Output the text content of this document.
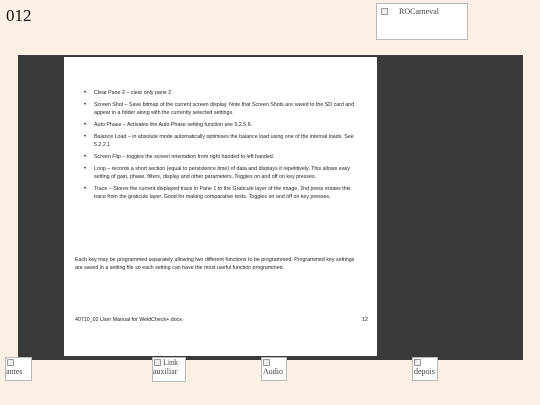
012	ROCarneval
• Clear Pane 2 – clear only pane 2
• Screen Shot – Save bitmap of the current screen display. Note that Screen Shots are saved to the SD card and appear in a folder along with the currently selected settings.
• Auto Phase – Activates the Auto Phase setting function see 5.2.5.6.
• Balance Load – in absolute mode automatically optimises the balance load using one of the internal loads. See 5.2.2.1
• Screen Flip – toggles the screen orientation from right handed to left handed.
• Loop – records a short section (equal to persistence time) of data and displays it repetitively. This allows easy setting of gain, phase, filters, display and other parameters. Toggles on and off on key presses.
• Trace – Stores the current displayed trace in Pane 1 to the Graticule layer of the image. 2nd press erases this trace from the graticule layer. Good for making comparative tests. Toggles on and off on key presses.

Each key may be programmed separately allowing two different functions to be programmed. Programmed key settings are saved in a setting file so each setting can have the most useful function programmed.

40710_02 User Manual for WeldCheck+.docx	12
antes
Link auxiliar	Audio	depois
